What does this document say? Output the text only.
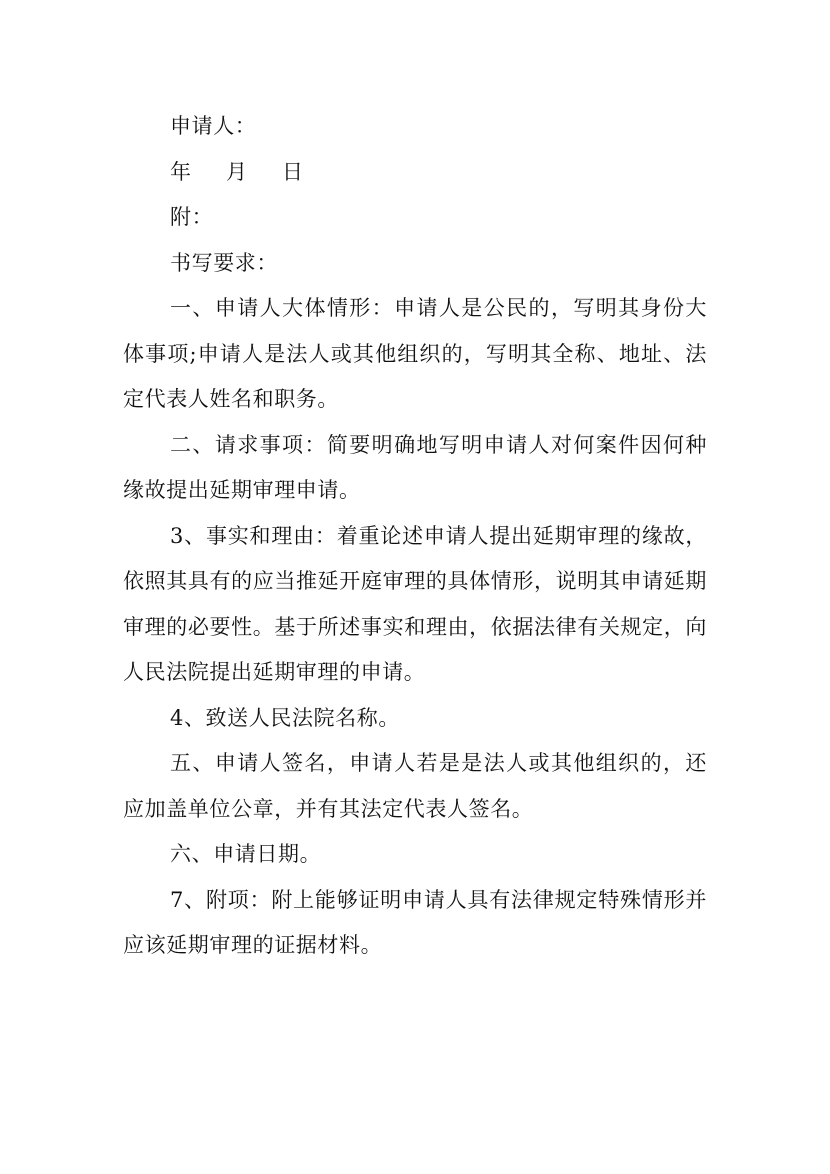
申请人：

年 月 日

附：

书写要求：

一、申请人大体情形：申请人是公民的，写明其身份大体事项;申请人是法人或其他组织的，写明其全称、地址、法定代表人姓名和职务。

二、请求事项：简要明确地写明申请人对何案件因何种缘故提出延期审理申请。

3、事实和理由：着重论述申请人提出延期审理的缘故，依照其具有的应当推延开庭审理的具体情形，说明其申请延期审理的必要性。基于所述事实和理由，依据法律有关规定，向人民法院提出延期审理的申请。

4、致送人民法院名称。

五、申请人签名，申请人若是是法人或其他组织的，还应加盖单位公章，并有其法定代表人签名。

六、申请日期。

7、附项：附上能够证明申请人具有法律规定特殊情形并应该延期审理的证据材料。
